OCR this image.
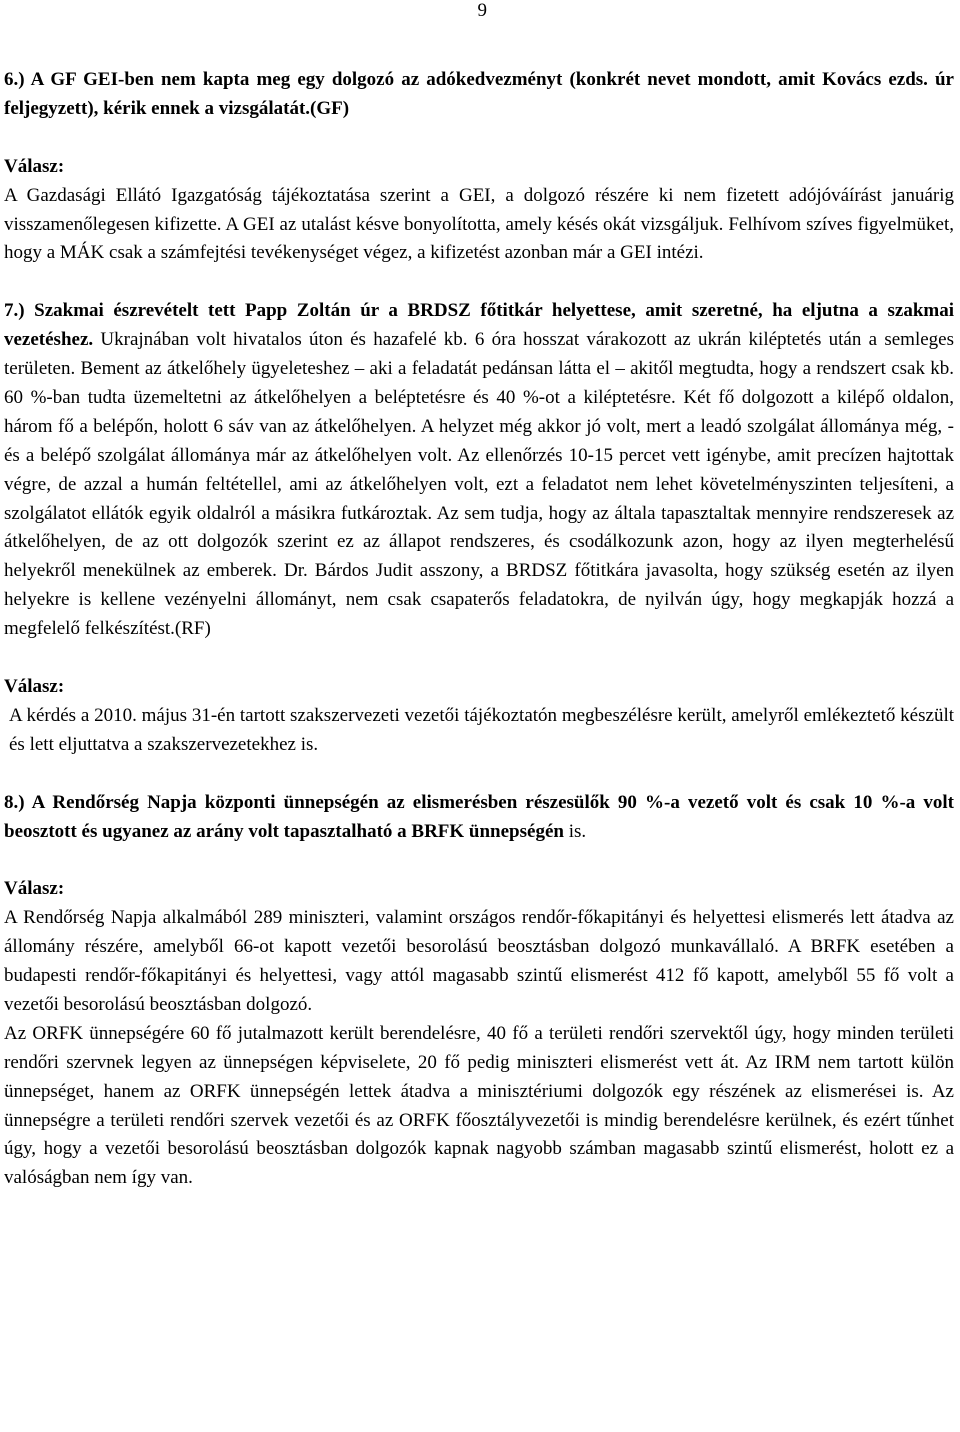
9

6.) A GF GEI-ben nem kapta meg egy dolgozó az adókedvezményt (konkrét nevet mondott, amit Kovács ezds. úr feljegyzett), kérik ennek a vizsgálatát.(GF)

Válasz:

A Gazdasági Ellátó Igazgatóság tájékoztatása szerint a GEI, a dolgozó részére ki nem fizetett adójóváírást januárig visszamenőlegesen kifizette. A GEI az utalást késve bonyolította, amely késés okát vizsgáljuk. Felhívom szíves figyelmüket, hogy a MÁK csak a számfejtési tevékenységet végez, a kifizetést azonban már a GEI intézi.

7.) Szakmai észrevételt tett Papp Zoltán úr a BRDSZ főtitkár helyettese, amit szeretné, ha eljutna a szakmai vezetéshez. Ukrajnában volt hivatalos úton és hazafelé kb. 6 óra hosszat várakozott az ukrán kiléptetés után a semleges területen. Bement az átkelőhely ügyeleteshez – aki a feladatát pedánsan látta el – akitől megtudta, hogy a rendszert csak kb. 60 %-ban tudta üzemeltetni az átkelőhelyen a beléptetésre és 40 %-ot a kiléptetésre. Két fő dolgozott a kilépő oldalon, három fő a belépőn, holott 6 sáv van az átkelőhelyen. A helyzet még akkor jó volt, mert a leadó szolgálat állománya még, - és a belépő szolgálat állománya már az átkelőhelyen volt. Az ellenőrzés 10-15 percet vett igénybe, amit precízen hajtottak végre, de azzal a humán feltétellel, ami az átkelőhelyen volt, ezt a feladatot nem lehet követelményszinten teljesíteni, a szolgálatot ellátók egyik oldalról a másikra futkároztak. Az sem tudja, hogy az általa tapasztaltak mennyire rendszeresek az átkelőhelyen, de az ott dolgozók szerint ez az állapot rendszeres, és csodálkozunk azon, hogy az ilyen megterhelésű helyekről menekülnek az emberek. Dr. Bárdos Judit asszony, a BRDSZ főtitkára javasolta, hogy szükség esetén az ilyen helyekre is kellene vezényelni állományt, nem csak csapaterős feladatokra, de nyilván úgy, hogy megkapják hozzá a megfelelő felkészítést.(RF)

Válasz:

A kérdés a 2010. május 31-én tartott szakszervezeti vezetői tájékoztatón megbeszélésre került, amelyről emlékeztető készült és lett eljuttatva a szakszervezetekhez is.

8.) A Rendőrség Napja központi ünnepségén az elismerésben részesülők 90 %-a vezető volt és csak 10 %-a volt beosztott és ugyanez az arány volt tapasztalható a BRFK ünnepségén is.

Válasz:

A Rendőrség Napja alkalmából 289 miniszteri, valamint országos rendőr-főkapitányi és helyettesi elismerés lett átadva az állomány részére, amelyből 66-ot kapott vezetői besorolású beosztásban dolgozó munkavállaló. A BRFK esetében a budapesti rendőr-főkapitányi és helyettesi, vagy attól magasabb szintű elismerést 412 fő kapott, amelyből 55 fő volt a vezetői besorolású beosztásban dolgozó.

Az ORFK ünnepségére 60 fő jutalmazott került berendelésre, 40 fő a területi rendőri szervektől úgy, hogy minden területi rendőri szervnek legyen az ünnepségen képviselete, 20 fő pedig miniszteri elismerést vett át. Az IRM nem tartott külön ünnepséget, hanem az ORFK ünnepségén lettek átadva a minisztériumi dolgozók egy részének az elismerései is. Az ünnepségre a területi rendőri szervek vezetői és az ORFK főosztályvezetői is mindig berendelésre kerülnek, és ezért tűnhet úgy, hogy a vezetői besorolású beosztásban dolgozók kapnak nagyobb számban magasabb szintű elismerést, holott ez a valóságban nem így van.
